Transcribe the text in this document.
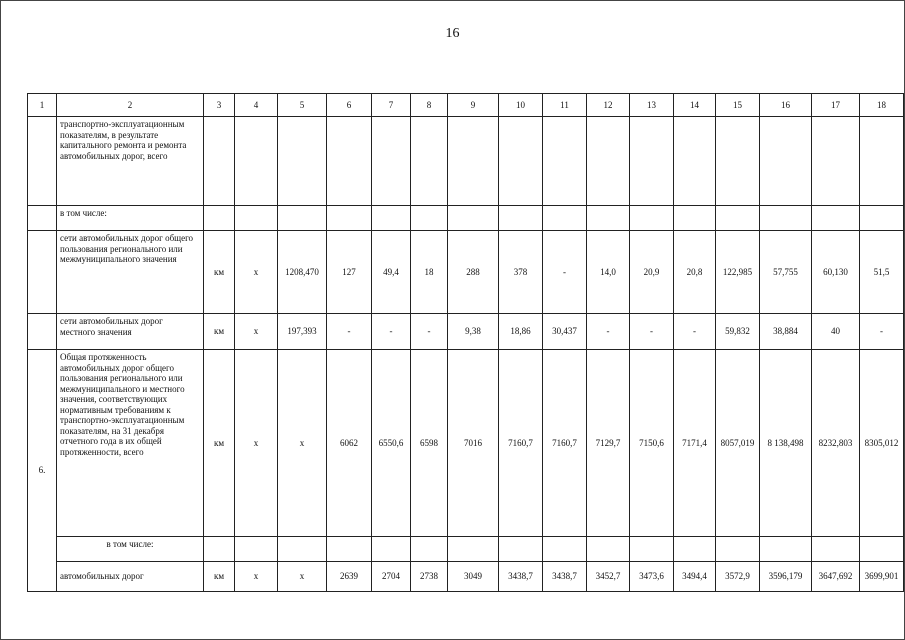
16
1	2	3	4	5	6	7	8	9	10	11	12	13	14	15	16	17	18
	транспортно-эксплуатационным показателям, в результате капитального ремонта и ремонта автомобильных дорог, всего																
	в том числе:																
	сети автомобильных дорог общего пользования регионального или межмуниципального значения	км	х	1208,470	127	49,4	18	288	378	-	14,0	20,9	20,8	122,985	57,755	60,130	51,5
	сети автомобильных дорог местного значения	км	х	197,393	-	-	-	9,38	18,86	30,437	-	-	-	59,832	38,884	40	-
6.	Общая протяженность автомобильных дорог общего пользования регионального или межмуниципального и местного значения, соответствующих нормативным требованиям к транспортно-эксплуатационным показателям, на 31 декабря отчетного года в их общей протяженности, всего	км	х	х	6062	6550,6	6598	7016	7160,7	7160,7	7129,7	7150,6	7171,4	8057,019	8 138,498	8232,803	8305,012
	в том числе:																
	автомобильных дорог	км	х	х	2639	2704	2738	3049	3438,7	3438,7	3452,7	3473,6	3494,4	3572,9	3596,179	3647,692	3699,901
